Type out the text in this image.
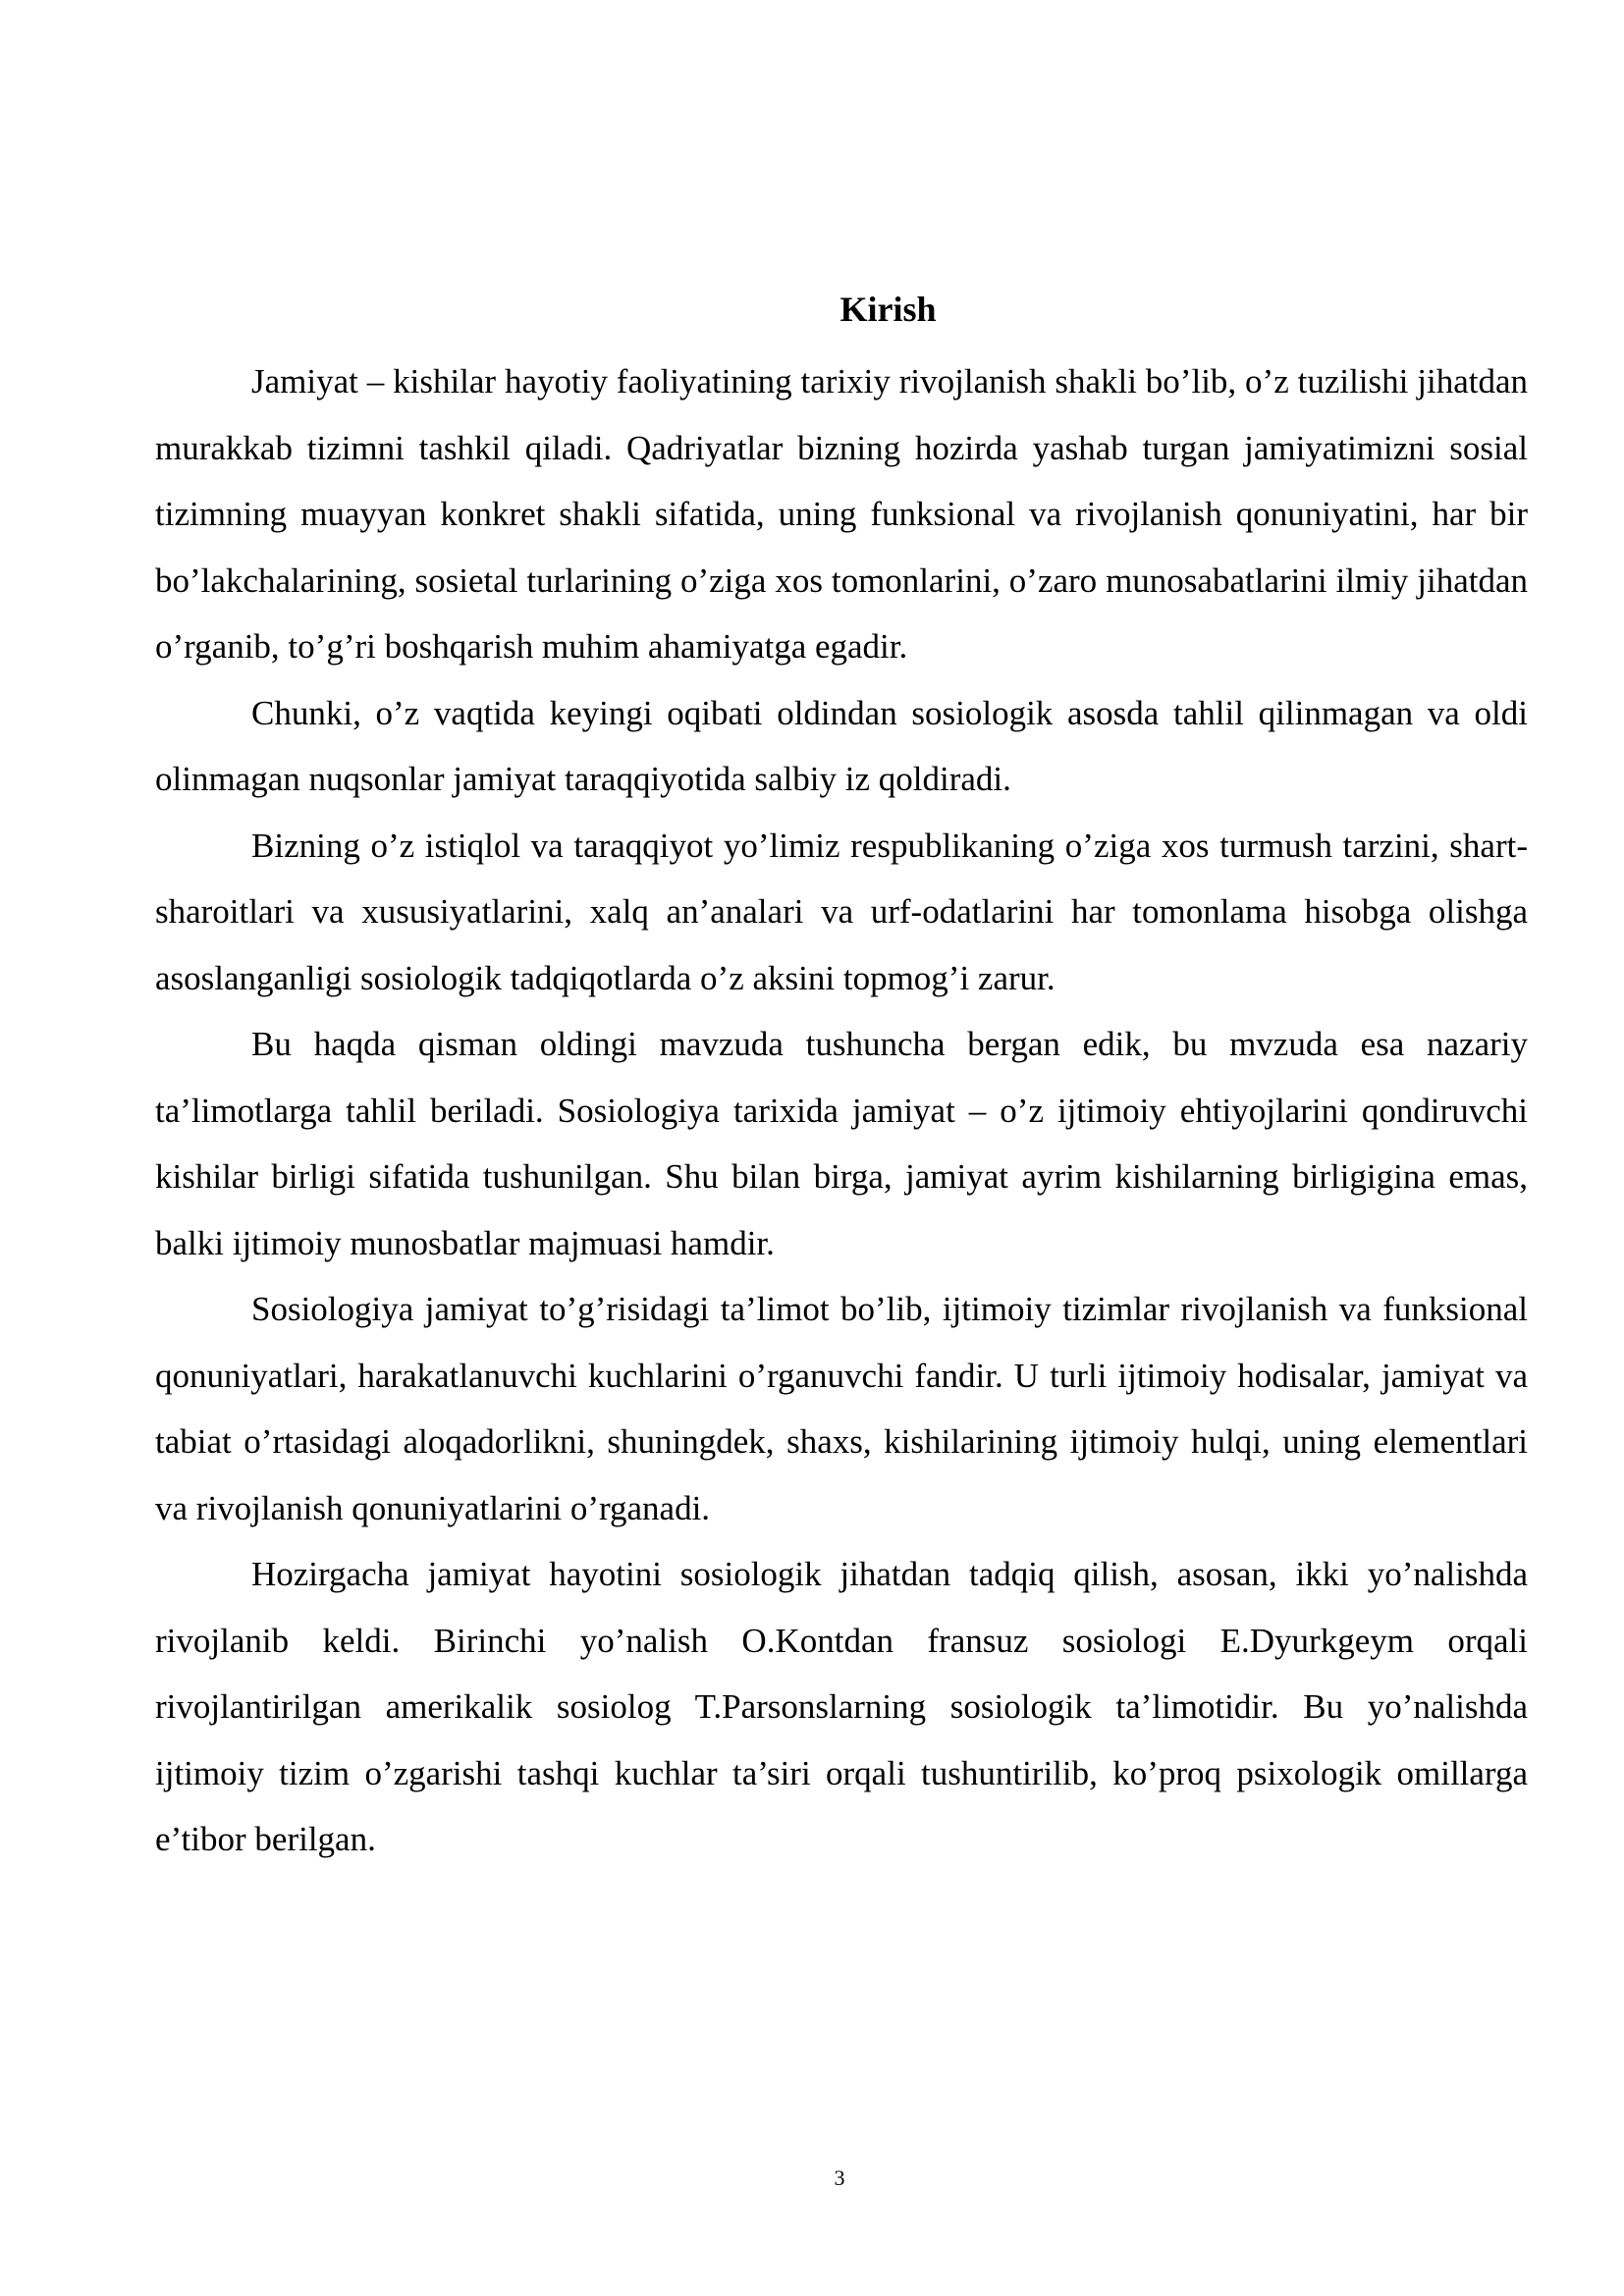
Kirish

Jamiyat – kishilar hayotiy faoliyatining tarixiy rivojlanish shakli bo’lib, o’z tuzilishi jihatdan murakkab tizimni tashkil qiladi. Qadriyatlar bizning hozirda yashab turgan jamiyatimizni sosial tizimning muayyan konkret shakli sifatida, uning funksional va rivojlanish qonuniyatini, har bir bo’lakchalarining, sosietal turlarining o’ziga xos tomonlarini, o’zaro munosabatlarini ilmiy jihatdan o’rganib, to’g’ri boshqarish muhim ahamiyatga egadir.

Chunki, o’z vaqtida keyingi oqibati oldindan sosiologik asosda tahlil qilinmagan va oldi olinmagan nuqsonlar jamiyat taraqqiyotida salbiy iz qoldiradi.

Bizning o’z istiqlol va taraqqiyot yo’limiz respublikaning o’ziga xos turmush tarzini, shart-sharoitlari va xususiyatlarini, xalq an’analari va urf-odatlarini har tomonlama hisobga olishga asoslanganligi sosiologik tadqiqotlarda o’z aksini topmog’i zarur.

Bu haqda qisman oldingi mavzuda tushuncha bergan edik, bu mvzuda esa nazariy ta’limotlarga tahlil beriladi. Sosiologiya tarixida jamiyat – o’z ijtimoiy ehtiyojlarini qondiruvchi kishilar birligi sifatida tushunilgan. Shu bilan birga, jamiyat ayrim kishilarning birligigina emas, balki ijtimoiy munosbatlar majmuasi hamdir.

Sosiologiya jamiyat to’g’risidagi ta’limot bo’lib, ijtimoiy tizimlar rivojlanish va funksional qonuniyatlari, harakatlanuvchi kuchlarini o’rganuvchi fandir. U turli ijtimoiy hodisalar, jamiyat va tabiat o’rtasidagi aloqadorlikni, shuningdek, shaxs, kishilarining ijtimoiy hulqi, uning elementlari va rivojlanish qonuniyatlarini o’rganadi.

Hozirgacha jamiyat hayotini sosiologik jihatdan tadqiq qilish, asosan, ikki yo’nalishda rivojlanib keldi. Birinchi yo’nalish O.Kontdan fransuz sosiologi E.Dyurkgeym orqali rivojlantirilgan amerikalik sosiolog T.Parsonslarning sosiologik ta’limotidir. Bu yo’nalishda ijtimoiy tizim o’zgarishi tashqi kuchlar ta’siri orqali tushuntirilib, ko’proq psixologik omillarga e’tibor berilgan.

3
